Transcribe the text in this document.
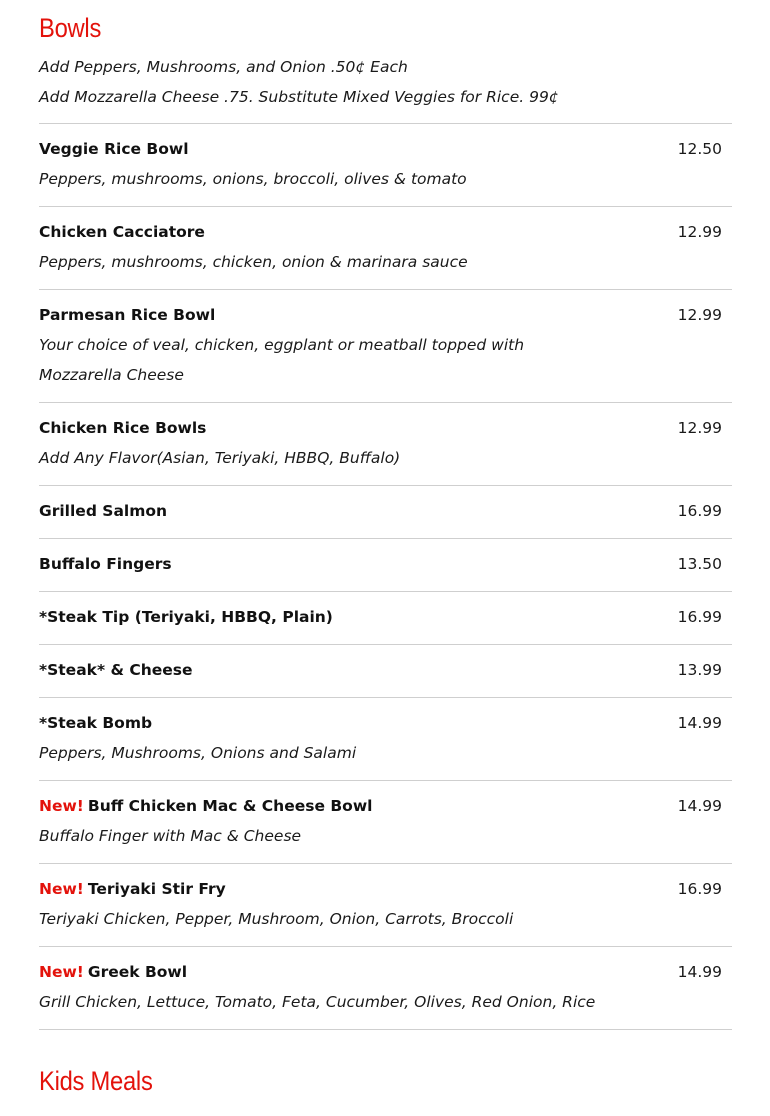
Bowls
Add Peppers, Mushrooms, and Onion .50¢ Each
Add Mozzarella Cheese .75. Substitute Mixed Veggies for Rice. 99¢
Veggie Rice Bowl	12.50
Peppers, mushrooms, onions, broccoli, olives & tomato
Chicken Cacciatore	12.99
Peppers, mushrooms, chicken, onion & marinara sauce
Parmesan Rice Bowl	12.99
Your choice of veal, chicken, eggplant or meatball topped with Mozzarella Cheese
Chicken Rice Bowls	12.99
Add Any Flavor(Asian, Teriyaki, HBBQ, Buffalo)
Grilled Salmon	16.99
Buffalo Fingers	13.50
*Steak Tip (Teriyaki, HBBQ, Plain)	16.99
*Steak* & Cheese	13.99
*Steak Bomb	14.99
Peppers, Mushrooms, Onions and Salami
New! Buff Chicken Mac & Cheese Bowl	14.99
Buffalo Finger with Mac & Cheese
New! Teriyaki Stir Fry	16.99
Teriyaki Chicken, Pepper, Mushroom, Onion, Carrots, Broccoli
New! Greek Bowl	14.99
Grill Chicken, Lettuce, Tomato, Feta, Cucumber, Olives, Red Onion, Rice
Kids Meals
